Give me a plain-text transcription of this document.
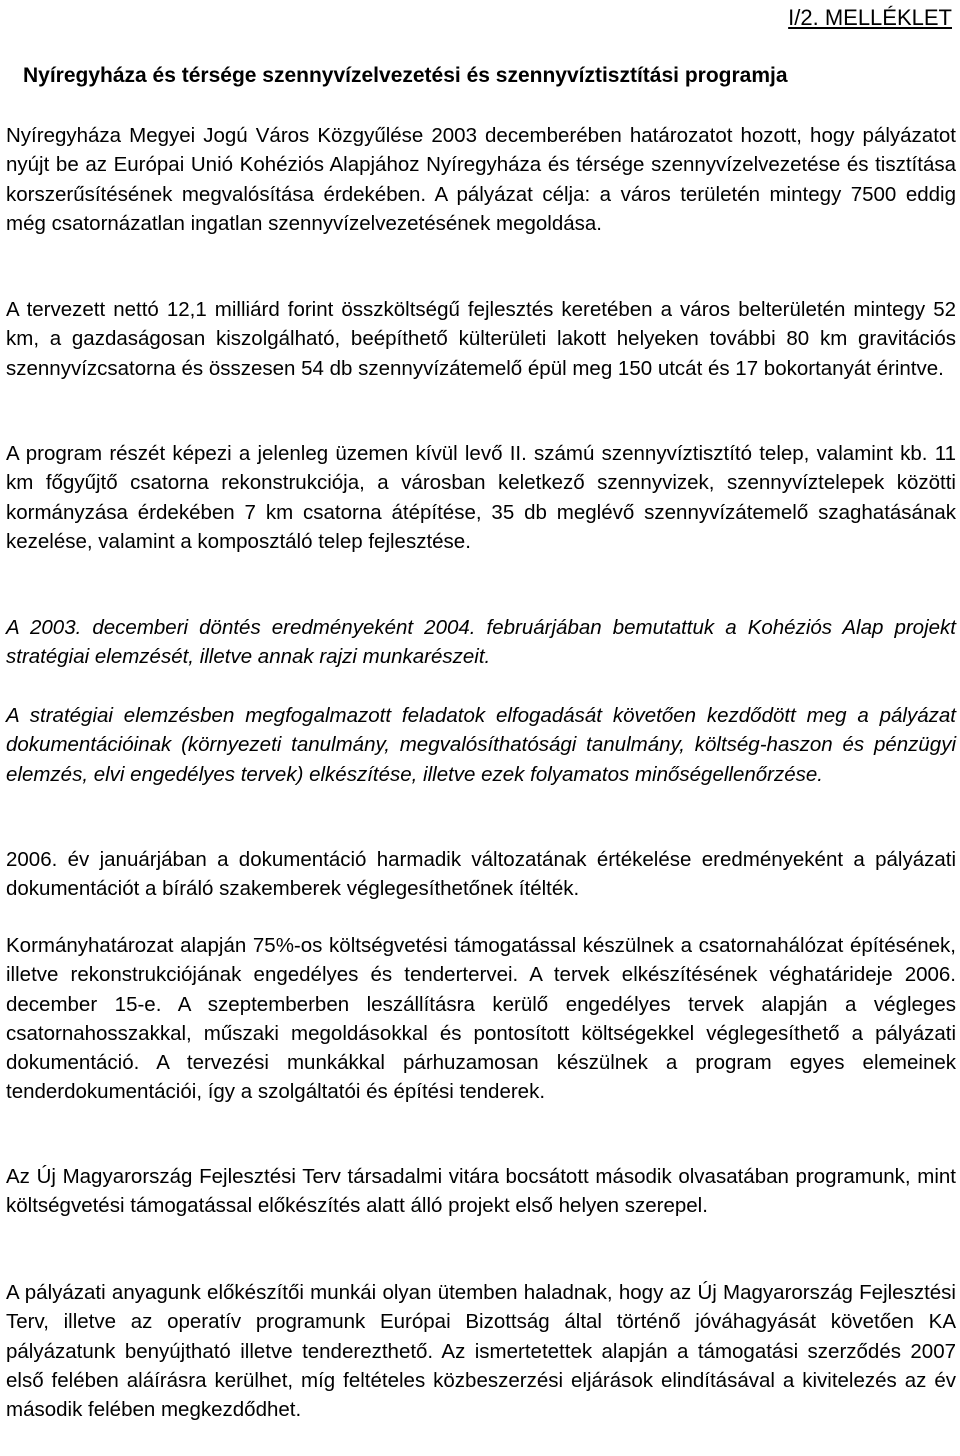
I/2. MELLÉKLET
Nyíregyháza és térsége szennyvízelvezetési és szennyvíztisztítási programja

Nyíregyháza Megyei Jogú Város Közgyűlése 2003 decemberében határozatot hozott, hogy pályázatot nyújt be az Európai Unió Kohéziós Alapjához Nyíregyháza és térsége szennyvízelvezetése és tisztítása korszerűsítésének megvalósítása érdekében. A pályázat célja: a város területén mintegy 7500 eddig még csatornázatlan ingatlan szennyvízelvezetésének megoldása.

A tervezett nettó 12,1 milliárd forint összköltségű fejlesztés keretében a város belterületén mintegy 52 km, a gazdaságosan kiszolgálható, beépíthető külterületi lakott helyeken további 80 km gravitációs szennyvízcsatorna és összesen 54 db szennyvízátemelő épül meg 150 utcát és 17 bokortanyát érintve.

A program részét képezi a jelenleg üzemen kívül levő II. számú szennyvíztisztító telep, valamint kb. 11 km főgyűjtő csatorna rekonstrukciója, a városban keletkező szennyvizek, szennyvíztelepek közötti kormányzása érdekében 7 km csatorna átépítése, 35 db meglévő szennyvízátemelő szaghatásának kezelése, valamint a komposztáló telep fejlesztése.

A 2003. decemberi döntés eredményeként 2004. februárjában bemutattuk a Kohéziós Alap projekt stratégiai elemzését, illetve annak rajzi munkarészeit.

A stratégiai elemzésben megfogalmazott feladatok elfogadását követően kezdődött meg a pályázat dokumentációinak (környezeti tanulmány, megvalósíthatósági tanulmány, költség-haszon és pénzügyi elemzés, elvi engedélyes tervek) elkészítése, illetve ezek folyamatos minőségellenőrzése.

2006. év januárjában a dokumentáció harmadik változatának értékelése eredményeként a pályázati dokumentációt a bíráló szakemberek véglegesíthetőnek ítélték.

Kormányhatározat alapján 75%-os költségvetési támogatással készülnek a csatornahálózat építésének, illetve rekonstrukciójának engedélyes és tendertervei. A tervek elkészítésének véghatárideje 2006. december 15-e. A szeptemberben leszállításra kerülő engedélyes tervek alapján a végleges csatornahosszakkal, műszaki megoldásokkal és pontosított költségekkel véglegesíthető a pályázati dokumentáció. A tervezési munkákkal párhuzamosan készülnek a program egyes elemeinek tenderdokumentációi, így a szolgáltatói és építési tenderek.

Az Új Magyarország Fejlesztési Terv társadalmi vitára bocsátott második olvasatában programunk, mint költségvetési támogatással előkészítés alatt álló projekt első helyen szerepel.

A pályázati anyagunk előkészítői munkái olyan ütemben haladnak, hogy az Új Magyarország Fejlesztési Terv, illetve az operatív programunk Európai Bizottság által történő jóváhagyását követően KA pályázatunk benyújtható illetve tenderezthető. Az ismertetettek alapján a támogatási szerződés 2007 első felében aláírásra kerülhet, míg feltételes közbeszerzési eljárások elindításával a kivitelezés az év második felében megkezdődhet.
